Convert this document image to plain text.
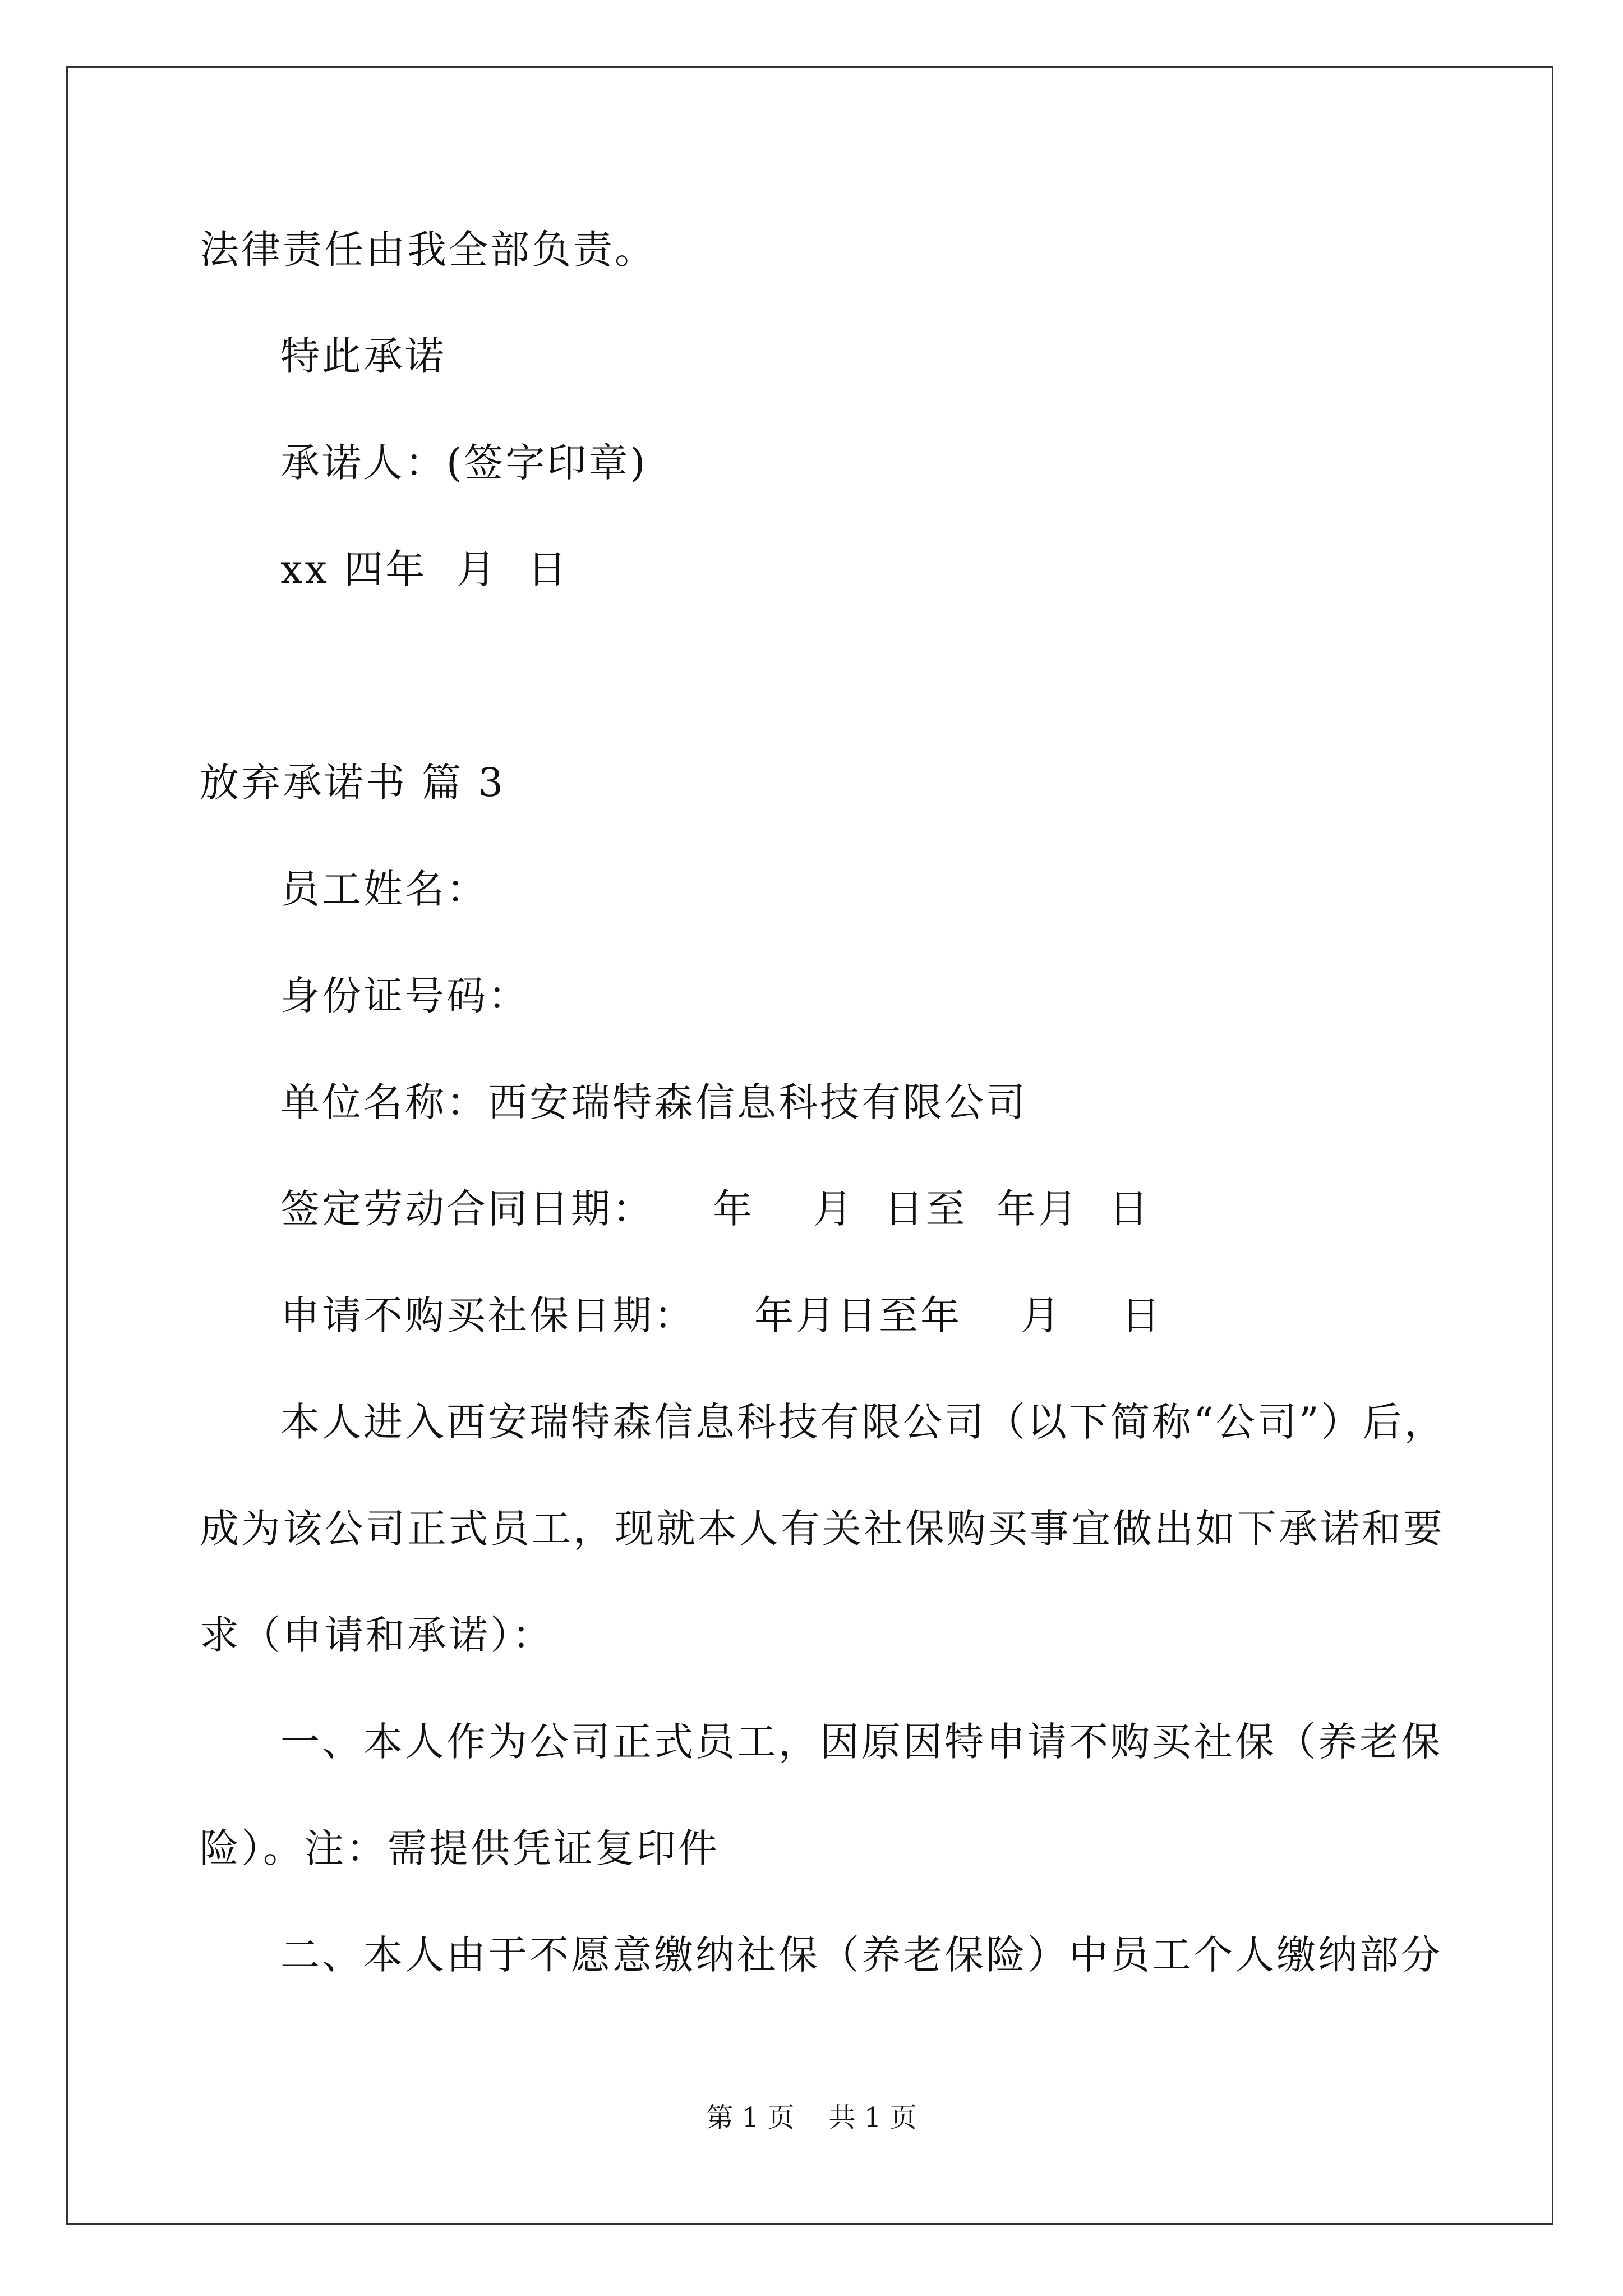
法律责任由我全部负责。
特此承诺
承诺人：(签字印章)
xx 四年  月  日
放弃承诺书 篇 3
员工姓名：
身份证号码：
单位名称：西安瑞特森信息科技有限公司
签定劳动合同日期：    年    月  日至  年月  日
申请不购买社保日期：    年月日至年    月    日
本人进入西安瑞特森信息科技有限公司（以下简称“公司”）后，
成为该公司正式员工，现就本人有关社保购买事宜做出如下承诺和要
求（申请和承诺）：
一、本人作为公司正式员工，因原因特申请不购买社保（养老保
险）。注：需提供凭证复印件
二、本人由于不愿意缴纳社保（养老保险）中员工个人缴纳部分
第 1 页    共 1 页
